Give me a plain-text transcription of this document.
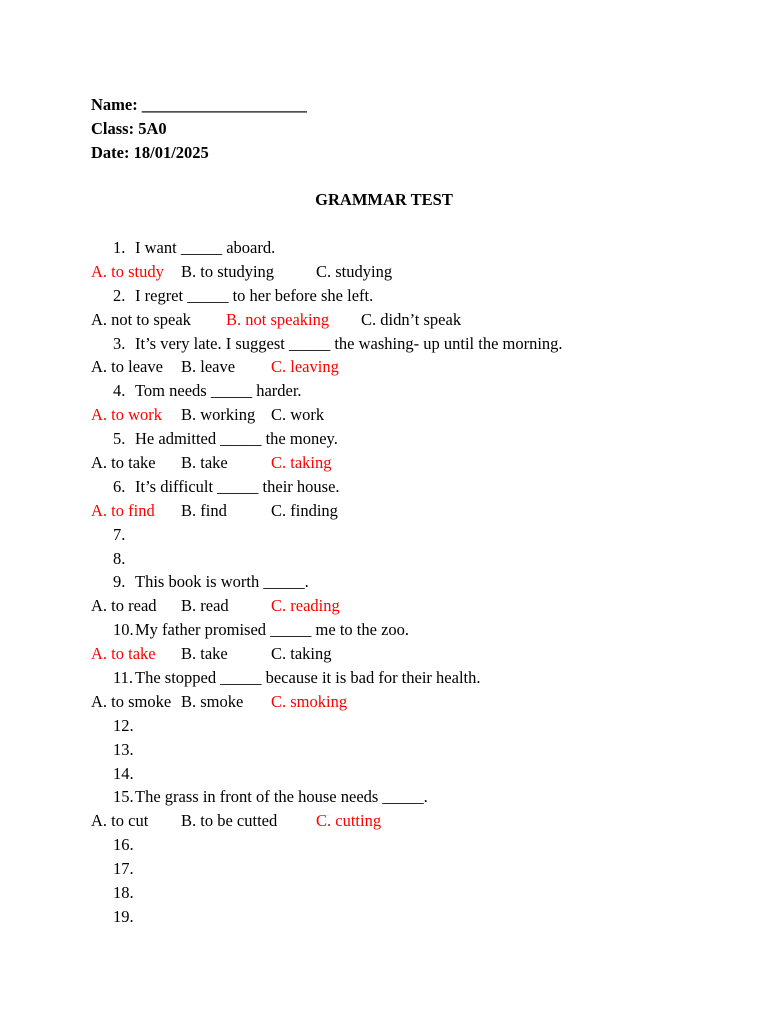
Name: ____________________
Class: 5A0
Date: 18/01/2025
GRAMMAR TEST
1. I want _____ aboard.
A. to study B. to studying	C. studying
2. I regret _____ to her before she left.
A. not to speak B. not speaking C. didn’t speak
3. It’s very late. I suggest _____ the washing- up until the morning.
A. to leave B. leave C. leaving
4. Tom needs _____ harder.
A. to work B. working C. work
5. He admitted _____ the money.
A. to take B. take	C. taking
6. It’s difficult _____ their house.
A. to find B. find	C. finding
7.
8.
9. This book is worth _____.
A. to read B. read	C. reading
10.My father promised _____ me to the zoo.
A. to take B. take	C. taking
11. The stopped _____ because it is bad for their health.
A. to smoke B. smoke C. smoking
12.
13.
14.
15.The grass in front of the house needs _____.
A. to cut B. to be cutted C. cutting
16.
17.
18.
19.
